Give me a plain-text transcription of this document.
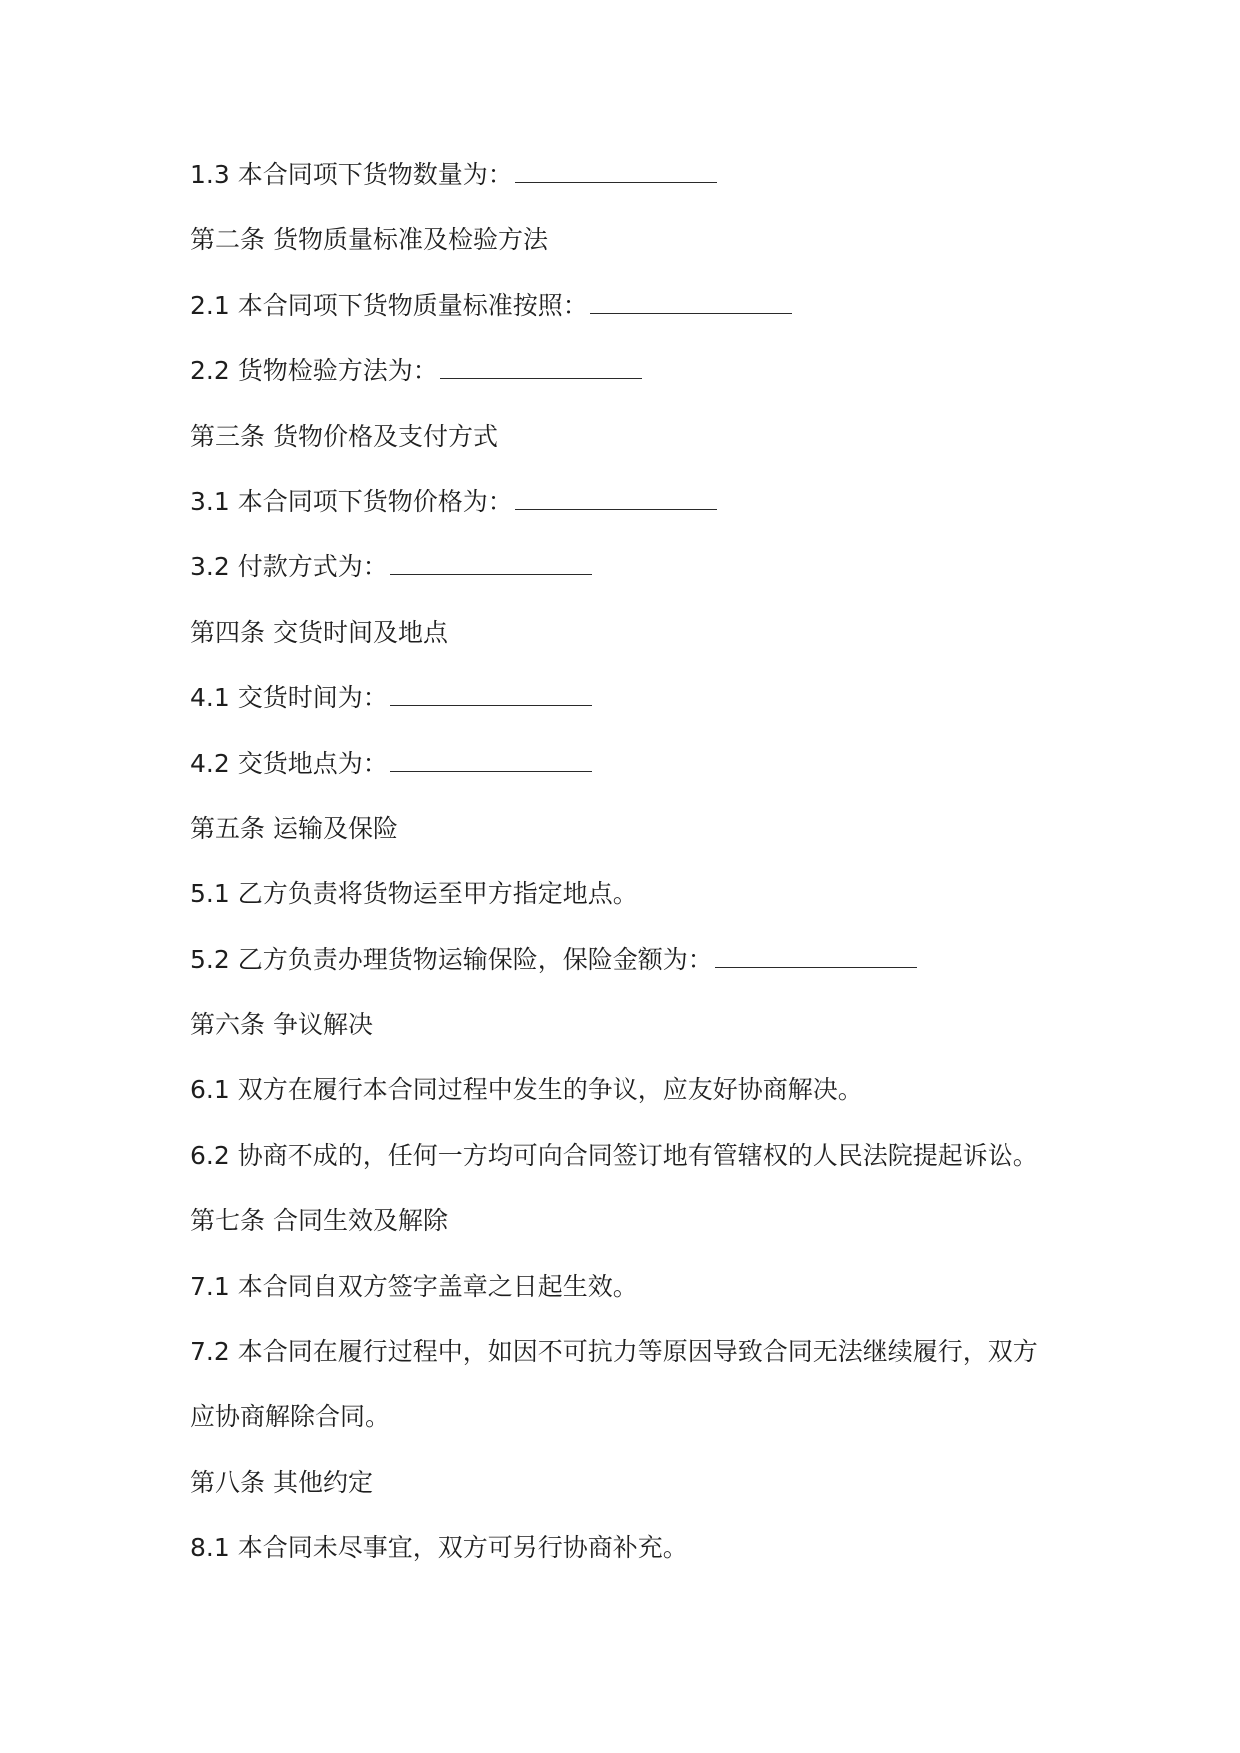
1.3 本合同项下货物数量为：
第二条 货物质量标准及检验方法
2.1 本合同项下货物质量标准按照：
2.2 货物检验方法为：
第三条 货物价格及支付方式
3.1 本合同项下货物价格为：
3.2 付款方式为：
第四条 交货时间及地点
4.1 交货时间为：
4.2 交货地点为：
第五条 运输及保险
5.1 乙方负责将货物运至甲方指定地点。
5.2 乙方负责办理货物运输保险，保险金额为：
第六条 争议解决
6.1 双方在履行本合同过程中发生的争议，应友好协商解决。
6.2 协商不成的，任何一方均可向合同签订地有管辖权的人民法院提起诉讼。
第七条 合同生效及解除
7.1 本合同自双方签字盖章之日起生效。
7.2 本合同在履行过程中，如因不可抗力等原因导致合同无法继续履行，双方
应协商解除合同。
第八条 其他约定
8.1 本合同未尽事宜，双方可另行协商补充。
